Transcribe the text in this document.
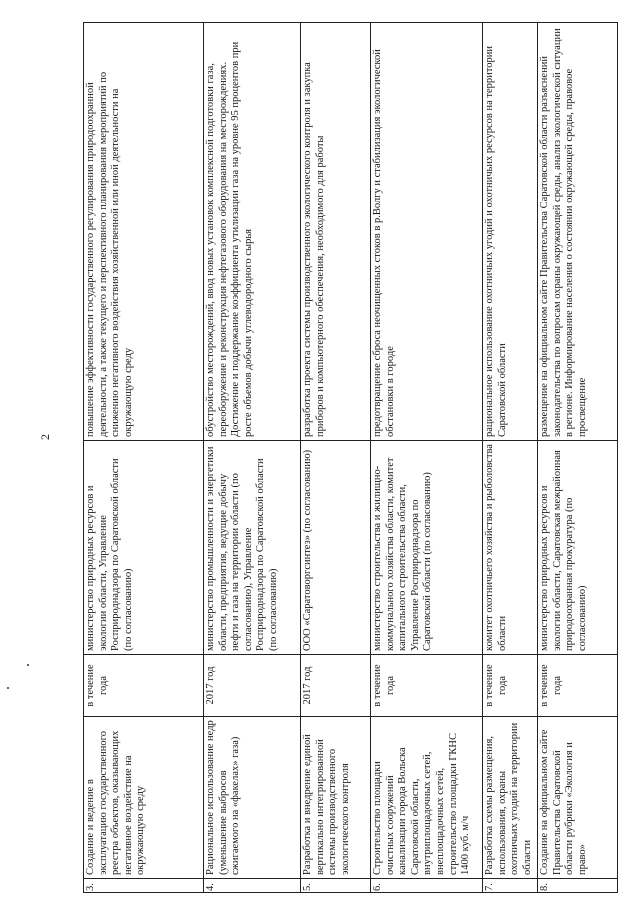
2
3.	Создание и ведение в эксплуатацию государственного реестра объектов, оказывающих негативное воздействие на окружающую среду	в течение года	министерство природных ресурсов и экологии области, Управление Росприроднадзора по Саратовской области (по согласованию)	повышение эффективности государственного регулирования природоохранной деятельности, а также текущего и перспективного планирования мероприятий по снижению негативного воздействия хозяйственной или иной деятельности на окружающую среду
4.	Рациональное использование недр (уменьшение выбросов сжигаемого на «факелах» газа)	2017 год	министерство промышленности и энергетики области, предприятия, ведущие добычу нефти и газа на территории области (по согласованию), Управление Росприроднадзора по Саратовской области (по согласованию)	обустройство месторождений, ввод новых установок комплексной подготовки газа, переоборужение и реконструкция нефтегазового оборудования на месторождениях. Достижение и поддержание коэффициента утилизации газа на уровне 95 процентов при росте объемов добычи углеводородного сырья
5.	Разработка и внедрение единой вертикально интегрированной системы производственного экологического контроля	2017 год	ООО «Саратоворгсинтез» (по согласованию)	разработка проекта системы производственного экологического контроля и закупка приборов и компьютерного обеспечения, необходимого для работы
6.	Строительство площадки очистных сооружений канализации города Вольска Саратовской области, внутриплощадочных сетей, внеплощадочных сетей, строительство площадки ГКНС 1400 куб. м/ч	в течение года	министерство строительства и жилищно-коммунального хозяйства области, комитет капитального строительства области, Управление Росприроднадзора по Саратовской области (по согласованию)	предотвращение сброса неочищенных стоков в р.Волгу и стабилизация экологической обстановки в городе
7.	Разработка схемы размещения, использования, охраны охотничьих угодий на территории области	в течение года	комитет охотничьего хозяйства и рыболовства области	рациональное использование охотничьих угодий и охотничьих ресурсов на территории Саратовской области
8.	Создание на официальном сайте Правительства Саратовской области рубрики «Экология и право»	в течение года	министерство природных ресурсов и экологии области, Саратовская межрайонная природоохранная прокуратура (по согласованию)	размещение на официальном сайте Правительства Саратовской области разъяснений законодательства по вопросам охраны окружающей среды, анализ экологической ситуации в регионе. Информирование населения о состоянии окружающей среды, правовое просвещение
